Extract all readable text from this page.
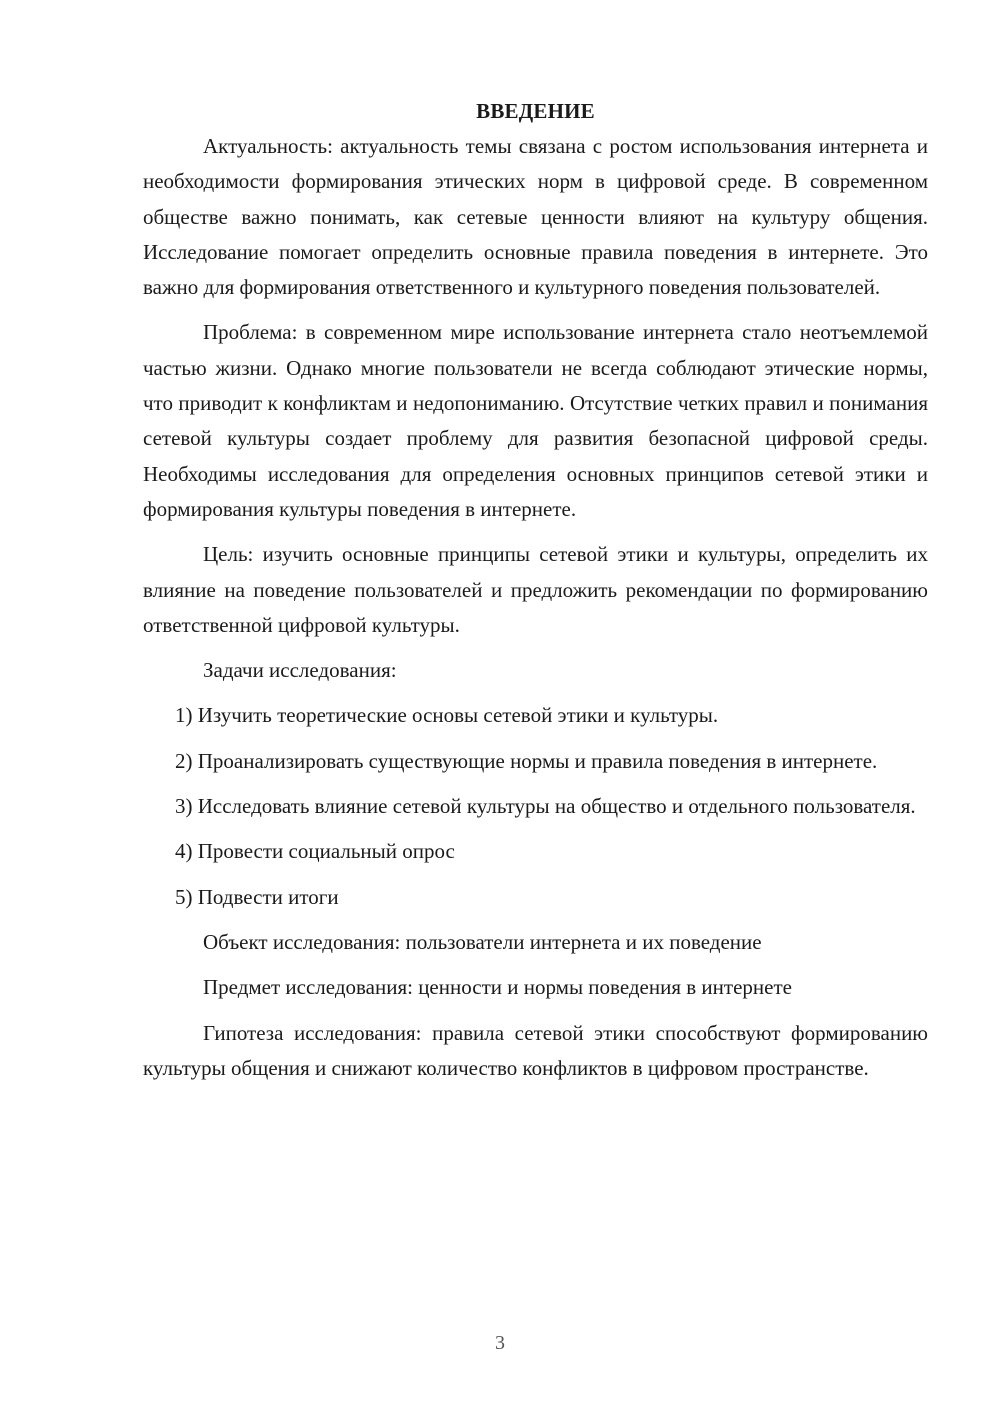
ВВЕДЕНИЕ

Актуальность: актуальность темы связана с ростом использования интернета и необходимости формирования этических норм в цифровой среде. В современном обществе важно понимать, как сетевые ценности влияют на культуру общения. Исследование помогает определить основные правила поведения в интернете. Это важно для формирования ответственного и культурного поведения пользователей.

Проблема: в современном мире использование интернета стало неотъемлемой частью жизни. Однако многие пользователи не всегда соблюдают этические нормы, что приводит к конфликтам и недопониманию. Отсутствие четких правил и понимания сетевой культуры создает проблему для развития безопасной цифровой среды. Необходимы исследования для определения основных принципов сетевой этики и формирования культуры поведения в интернете.

Цель: изучить основные принципы сетевой этики и культуры, определить их влияние на поведение пользователей и предложить рекомендации по формированию ответственной цифровой культуры.

Задачи исследования:

1) Изучить теоретические основы сетевой этики и культуры.

2) Проанализировать существующие нормы и правила поведения в интернете.

3) Исследовать влияние сетевой культуры на общество и отдельного пользователя.

4) Провести социальный опрос

5) Подвести итоги

Объект исследования: пользователи интернета и их поведение

Предмет исследования: ценности и нормы поведения в интернете

Гипотеза исследования: правила сетевой этики способствуют формированию культуры общения и снижают количество конфликтов в цифровом пространстве.

3
